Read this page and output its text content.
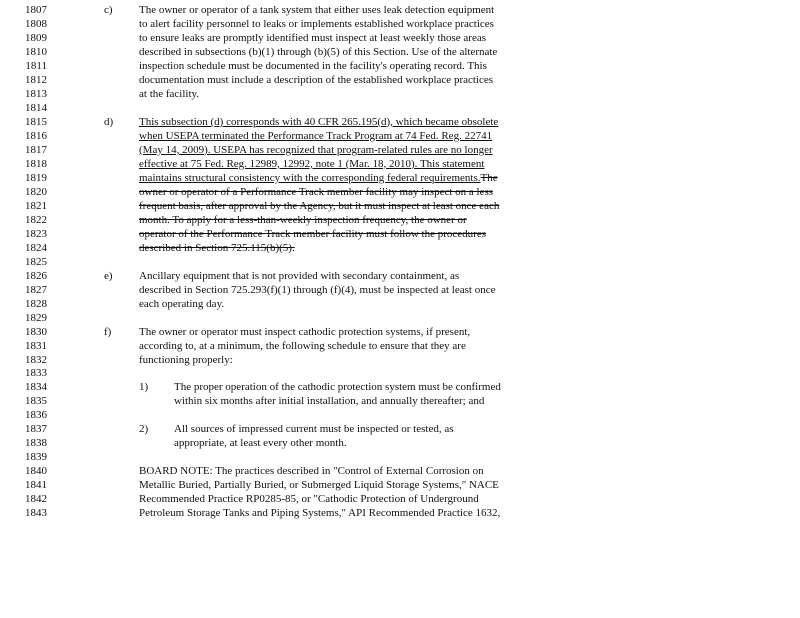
1807	c) The owner or operator of a tank system that either uses leak detection equipment
1808	to alert facility personnel to leaks or implements established workplace practices
1809	to ensure leaks are promptly identified must inspect at least weekly those areas
1810	described in subsections (b)(1) through (b)(5) of this Section. Use of the alternate
1811	inspection schedule must be documented in the facility's operating record. This
1812	documentation must include a description of the established workplace practices
1813	at the facility.
1814
1815	d) This subsection (d) corresponds with 40 CFR 265.195(d), which became obsolete
1816	when USEPA terminated the Performance Track Program at 74 Fed. Reg. 22741
1817	(May 14, 2009). USEPA has recognized that program-related rules are no longer
1818	effective at 75 Fed. Reg. 12989, 12992, note 1 (Mar. 18, 2010). This statement
1819	maintains structural consistency with the corresponding federal requirements.The
1820	owner or operator of a Performance Track member facility may inspect on a less
1821	frequent basis, after approval by the Agency, but it must inspect at least once each
1822	month. To apply for a less-than-weekly inspection frequency, the owner or
1823	operator of the Performance Track member facility must follow the procedures
1824	described in Section 725.115(b)(5).
1825
1826	e) Ancillary equipment that is not provided with secondary containment, as
1827	described in Section 725.293(f)(1) through (f)(4), must be inspected at least once
1828	each operating day.
1829
1830	f)	The owner or operator must inspect cathodic protection systems, if present,
1831	according to, at a minimum, the following schedule to ensure that they are
1832	functioning properly:
1833
1834	1) The proper operation of the cathodic protection system must be confirmed
1835	within six months after initial installation, and annually thereafter; and
1836
1837	2) All sources of impressed current must be inspected or tested, as
1838	appropriate, at least every other month.
1839
1840	BOARD NOTE: The practices described in "Control of External Corrosion on
1841	Metallic Buried, Partially Buried, or Submerged Liquid Storage Systems," NACE
1842	Recommended Practice RP0285-85, or "Cathodic Protection of Underground
1843	Petroleum Storage Tanks and Piping Systems," API Recommended Practice 1632,
